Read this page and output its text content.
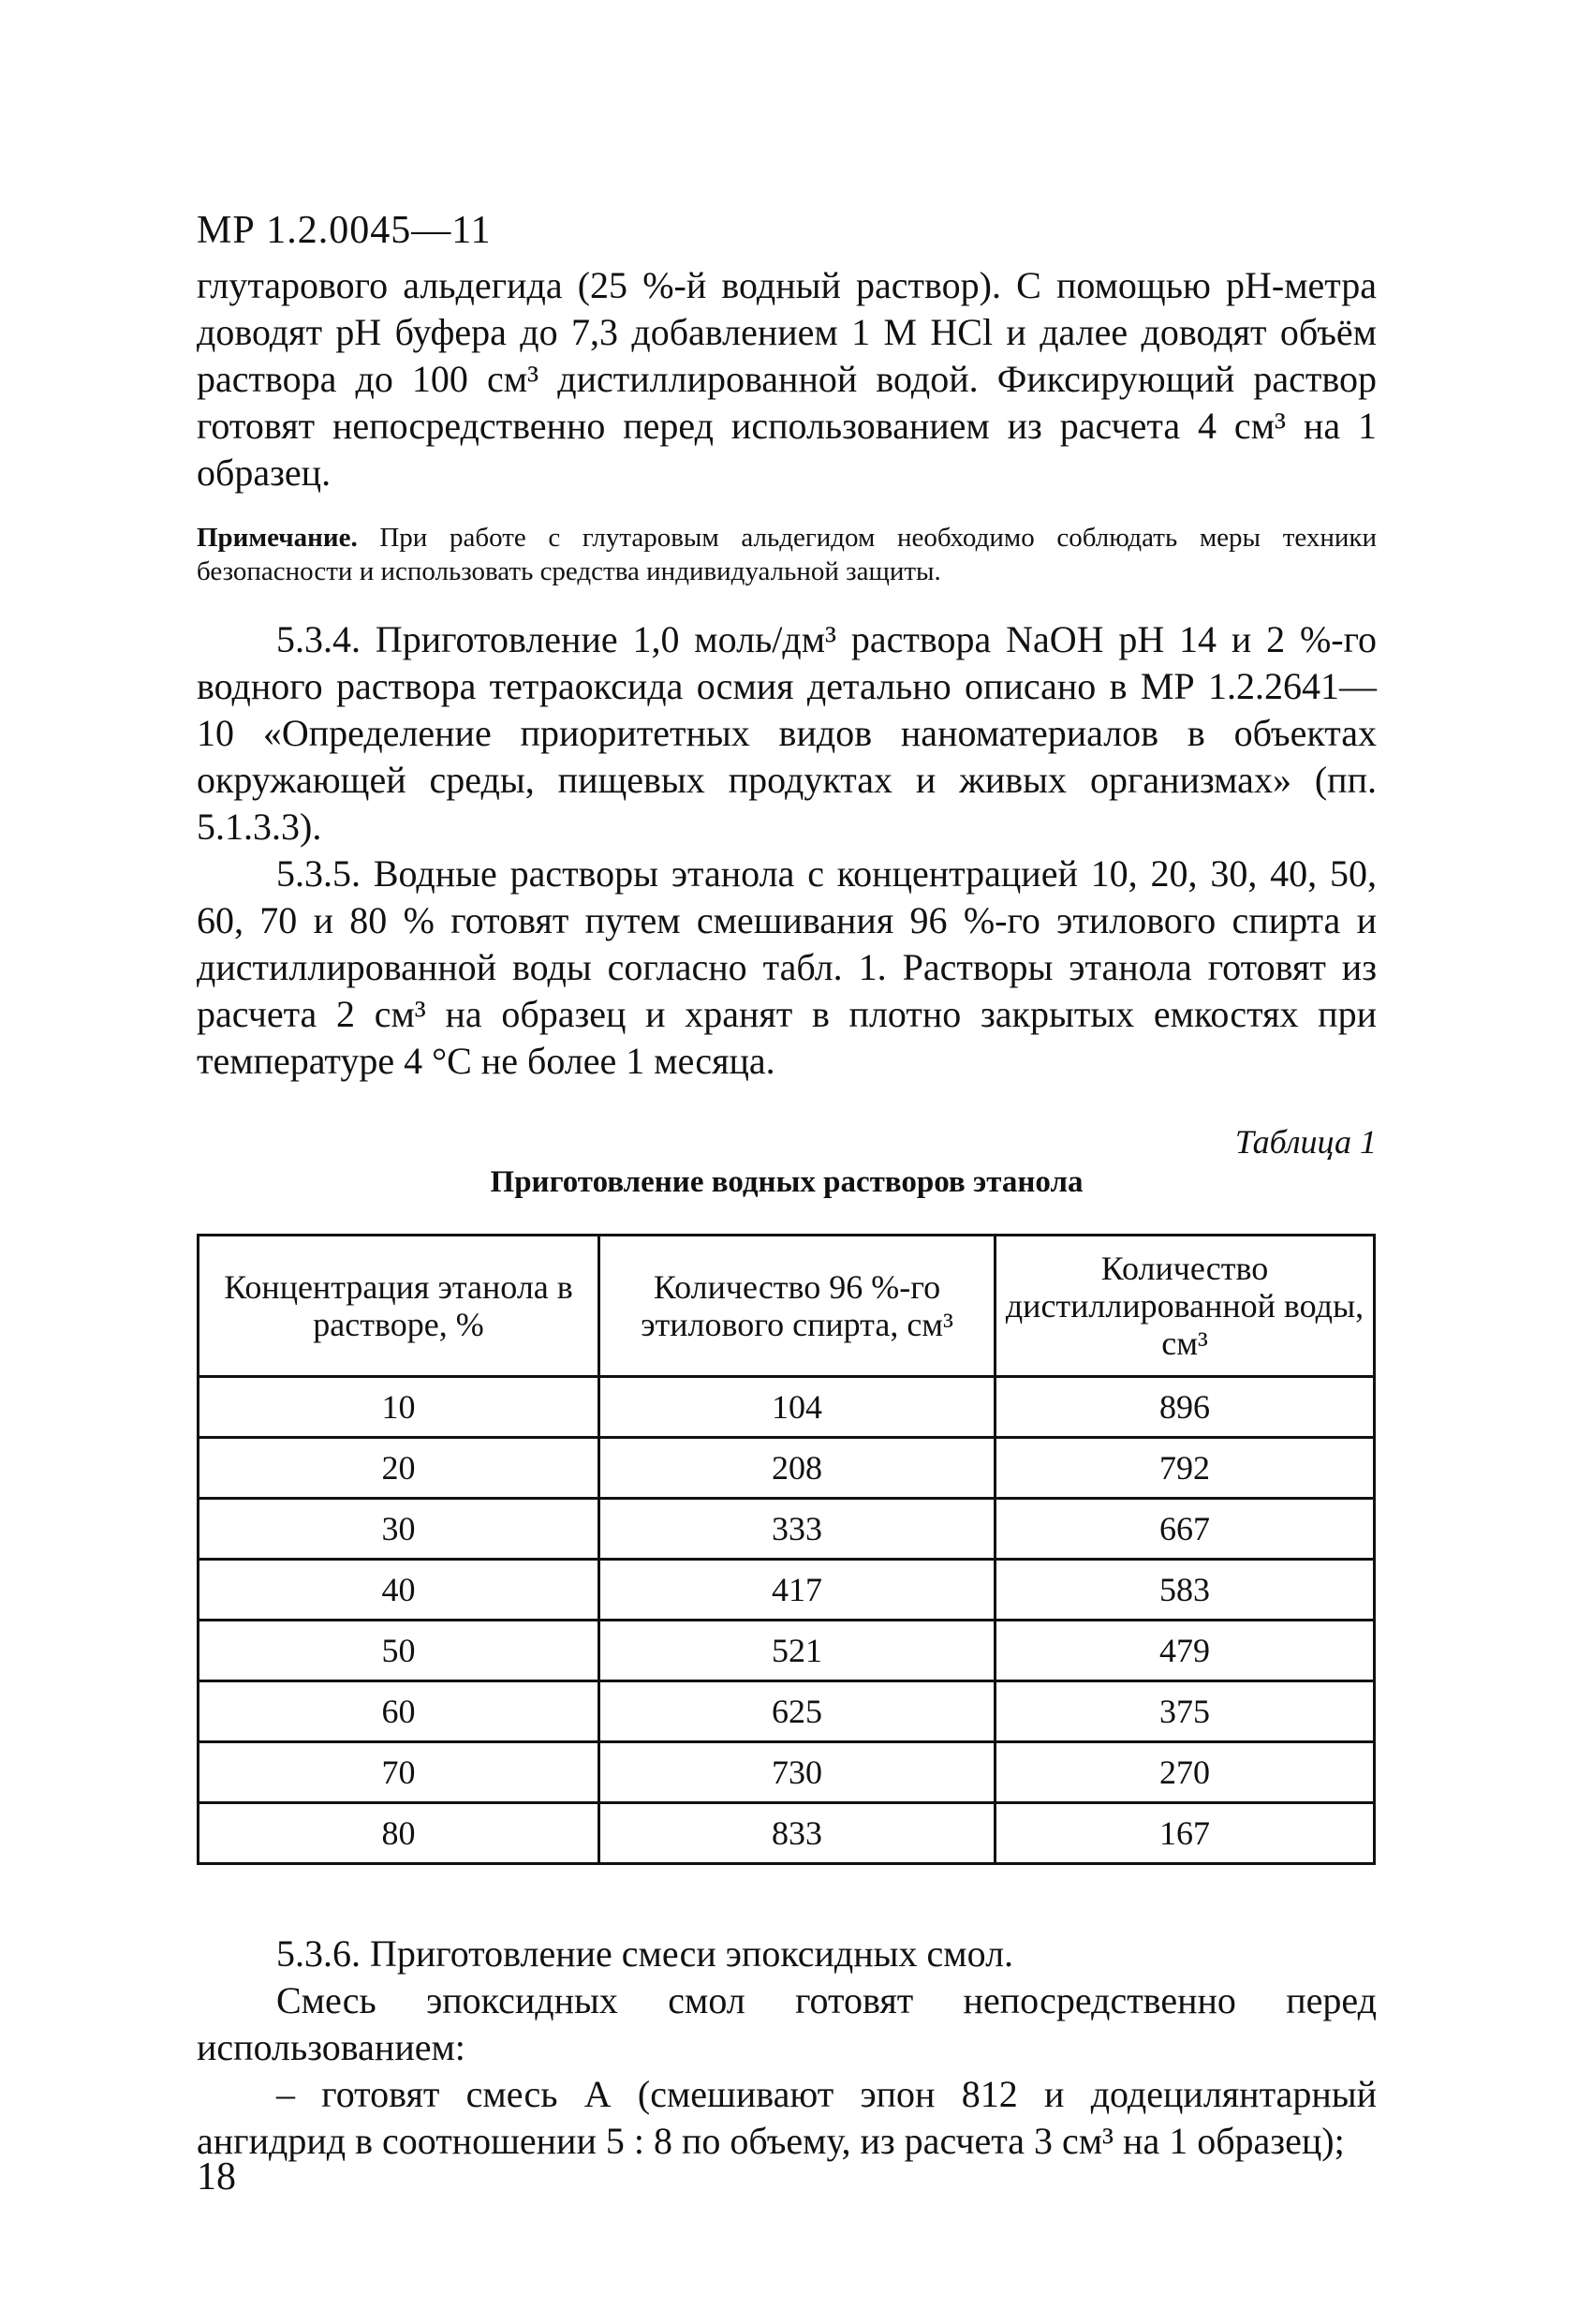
МР 1.2.0045—11

глутарового альдегида (25 %-й водный раствор). С помощью pH-метра доводят pH буфера до 7,3 добавлением 1 М HCl и далее доводят объём раствора до 100 см³ дистиллированной водой. Фиксирующий раствор готовят непосредственно перед использованием из расчета 4 см³ на 1 образец.

Примечание. При работе с глутаровым альдегидом необходимо соблюдать меры техники безопасности и использовать средства индивидуальной защиты.

5.3.4. Приготовление 1,0 моль/дм³ раствора NaOH pH 14 и 2 %-го водного раствора тетраоксида осмия детально описано в МР 1.2.2641—10 «Определение приоритетных видов наноматериалов в объектах окружающей среды, пищевых продуктах и живых организмах» (пп. 5.1.3.3).

5.3.5. Водные растворы этанола с концентрацией 10, 20, 30, 40, 50, 60, 70 и 80 % готовят путем смешивания 96 %-го этилового спирта и дистиллированной воды согласно табл. 1. Растворы этанола готовят из расчета 2 см³ на образец и хранят в плотно закрытых емкостях при температуре 4 °С не более 1 месяца.

Таблица 1
Приготовление водных растворов этанола
Концентрация этанола в растворе, %	Количество 96 %-го этилового спирта, см³	Количество дистиллированной воды, см³
10	104	896
20	208	792
30	333	667
40	417	583
50	521	479
60	625	375
70	730	270
80	833	167

5.3.6. Приготовление смеси эпоксидных смол.

Смесь эпоксидных смол готовят непосредственно перед использованием:

– готовят смесь А (смешивают эпон 812 и додецилянтарный ангидрид в соотношении 5 : 8 по объему, из расчета 3 см³ на 1 образец);

18
